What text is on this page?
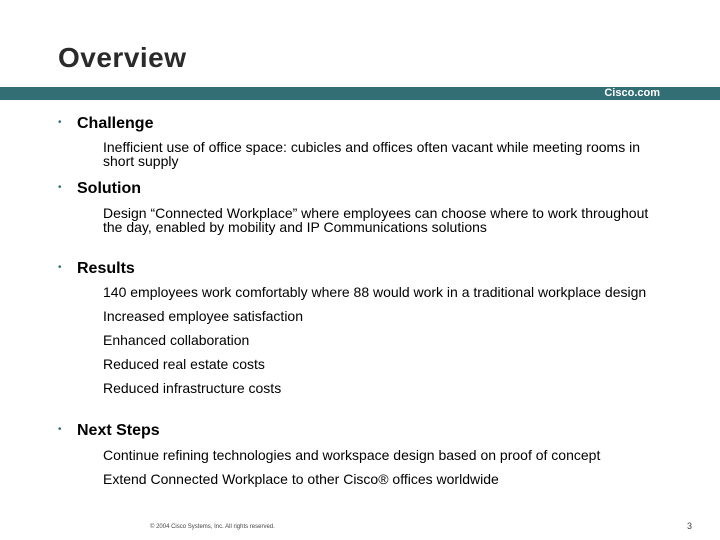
Overview
Cisco.com
• Challenge
Inefficient use of office space: cubicles and offices often vacant while meeting rooms in short supply
• Solution
Design “Connected Workplace” where employees can choose where to work throughout the day, enabled by mobility and IP Communications solutions
• Results
140 employees work comfortably where 88 would work in a traditional workplace design
Increased employee satisfaction
Enhanced collaboration
Reduced real estate costs
Reduced infrastructure costs
• Next Steps
Continue refining technologies and workspace design based on proof of concept
Extend Connected Workplace to other Cisco® offices worldwide
© 2004 Cisco Systems, Inc. All rights reserved.	3
